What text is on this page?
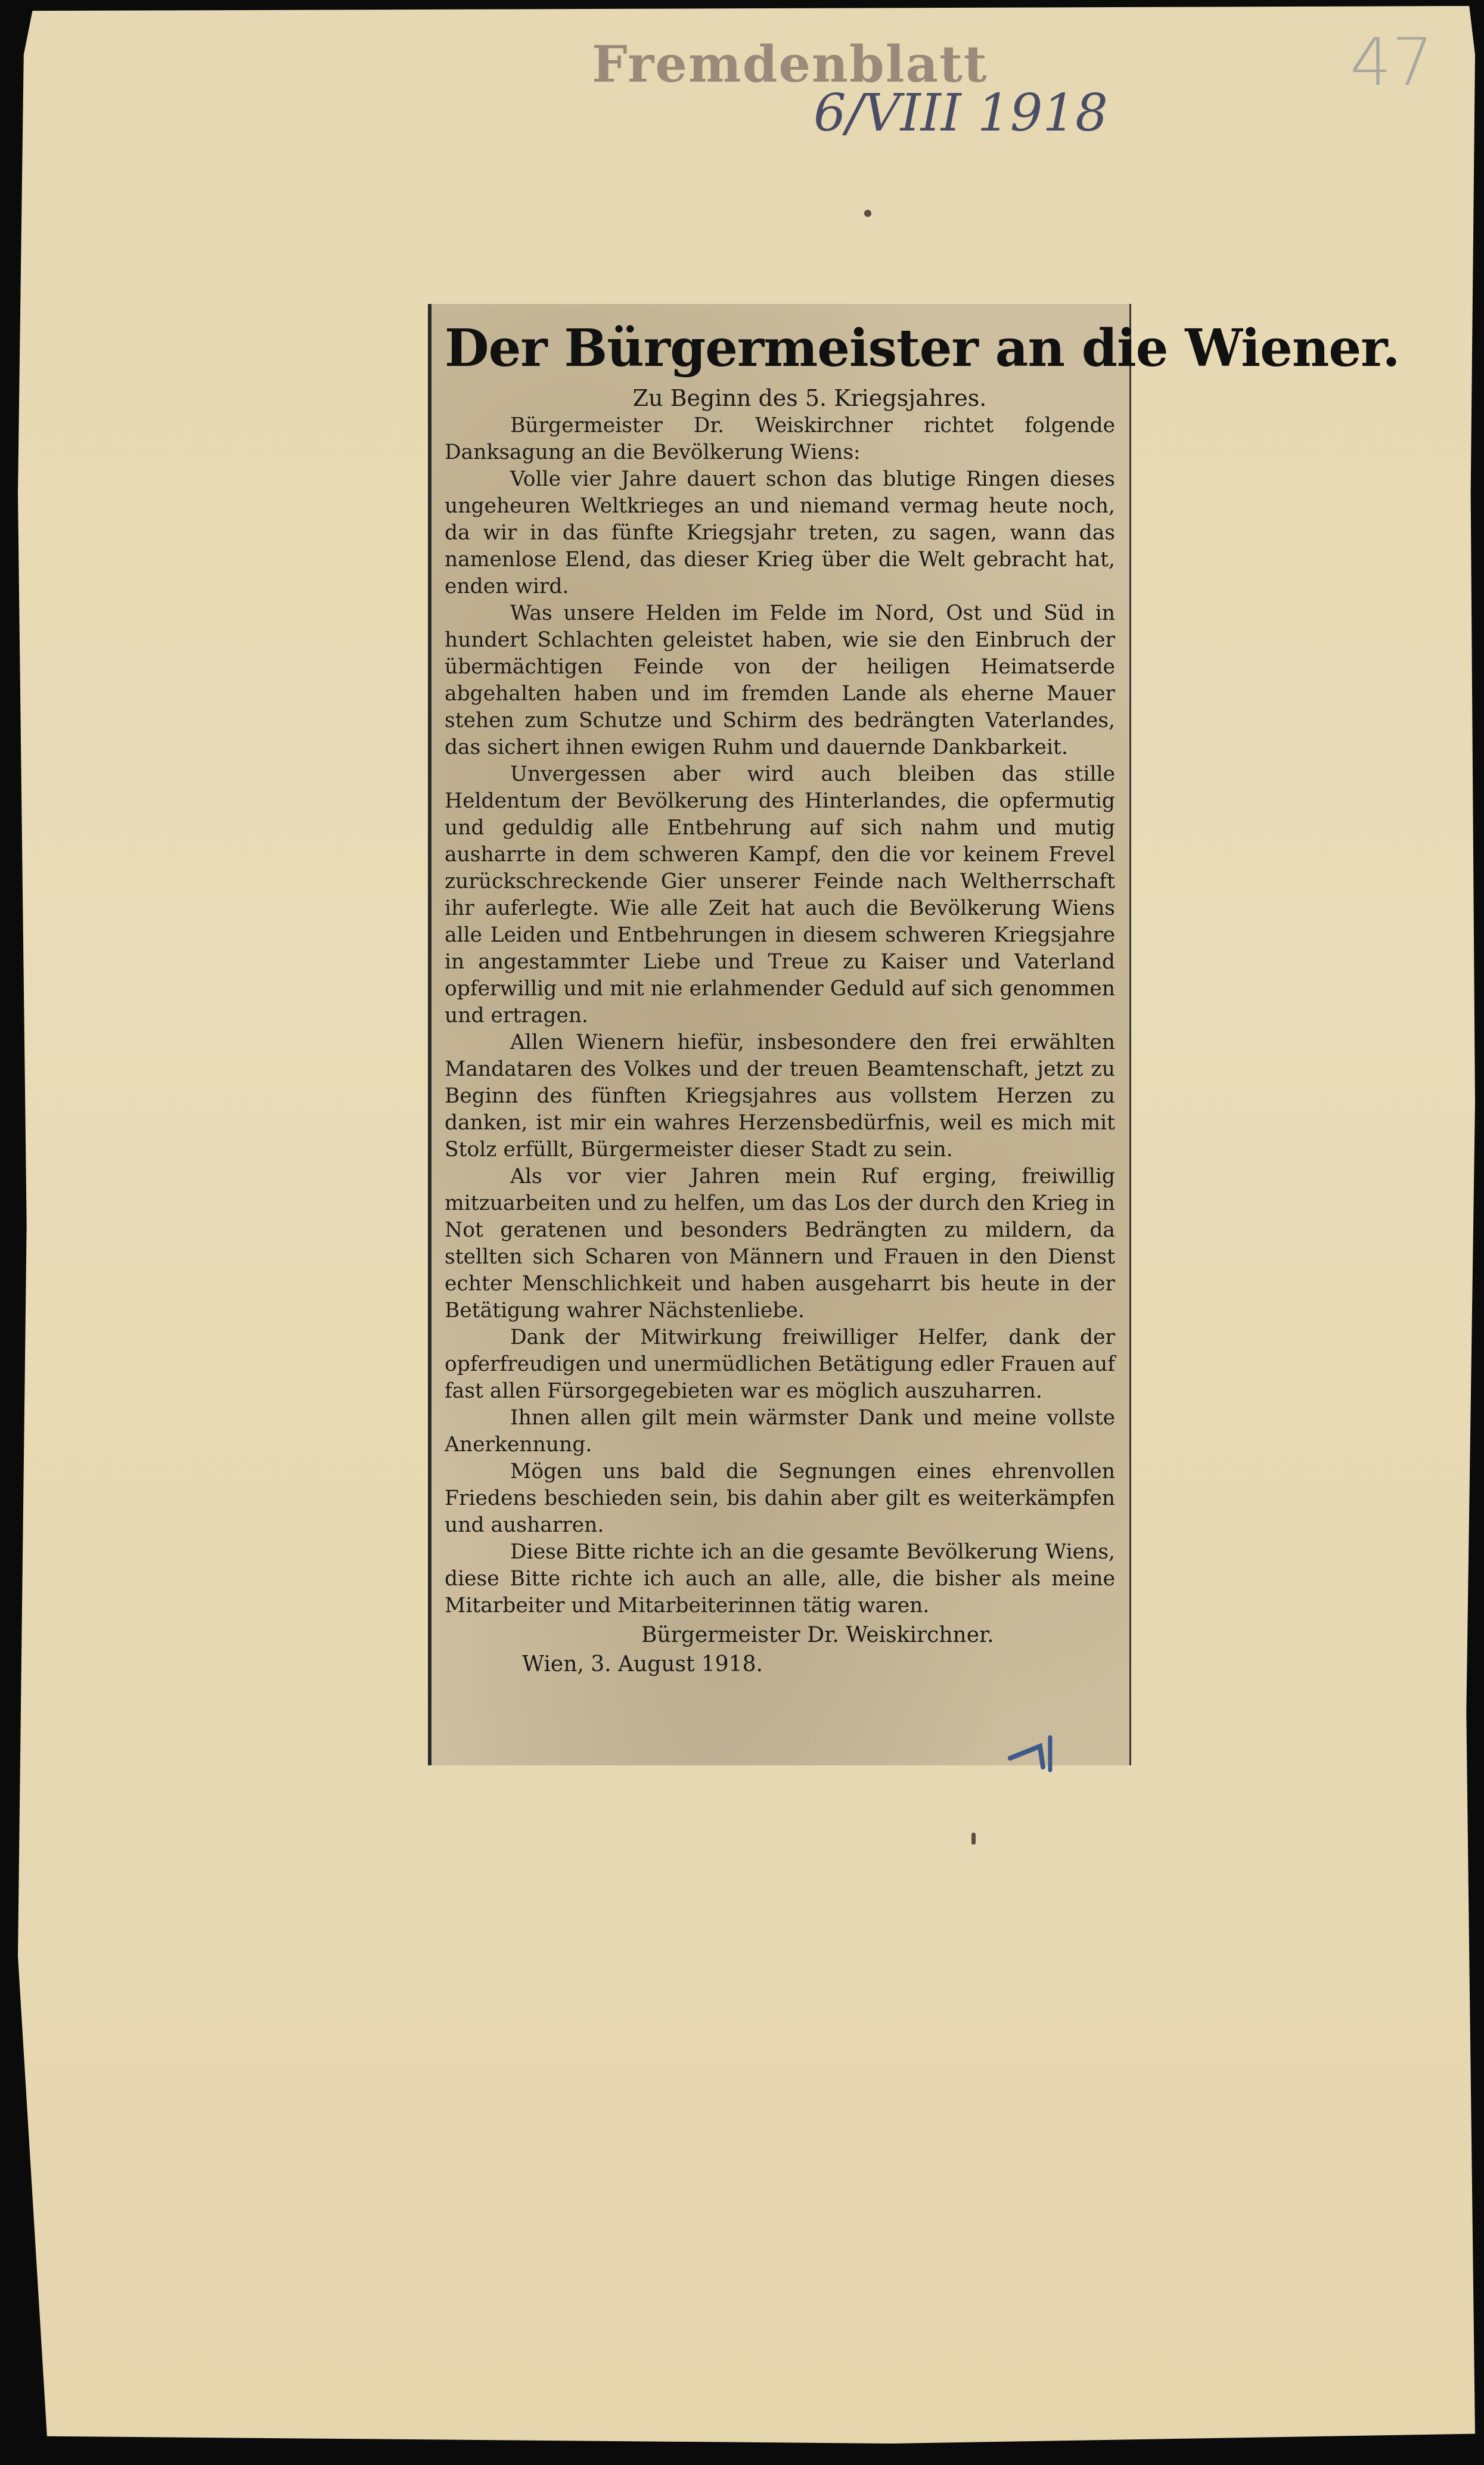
Fremdenblatt
6/VIII 1918
47
Der Bürgermeister an die Wiener.
Zu Beginn des 5. Kriegsjahres.

Bürgermeister Dr. Weiskirchner richtet folgende Danksagung an die Bevölkerung Wiens:

Volle vier Jahre dauert schon das blutige Ringen dieses ungeheuren Weltkrieges an und niemand vermag heute noch, da wir in das fünfte Kriegsjahr treten, zu sagen, wann das namenlose Elend, das dieser Krieg über die Welt gebracht hat, enden wird.

Was unsere Helden im Felde im Nord, Ost und Süd in hundert Schlachten geleistet haben, wie sie den Einbruch der übermächtigen Feinde von der heiligen Heimatserde abgehalten haben und im fremden Lande als eherne Mauer stehen zum Schutze und Schirm des bedrängten Vaterlandes, das sichert ihnen ewigen Ruhm und dauernde Dankbarkeit.

Unvergessen aber wird auch bleiben das stille Heldentum der Bevölkerung des Hinterlandes, die opfermutig und geduldig alle Entbehrung auf sich nahm und mutig ausharrte in dem schweren Kampf, den die vor keinem Frevel zurückschreckende Gier unserer Feinde nach Weltherrschaft ihr auferlegte. Wie alle Zeit hat auch die Bevölkerung Wiens alle Leiden und Entbehrungen in diesem schweren Kriegsjahre in angestammter Liebe und Treue zu Kaiser und Vaterland opferwillig und mit nie erlahmender Geduld auf sich genommen und ertragen.

Allen Wienern hiefür, insbesondere den frei erwählten Mandataren des Volkes und der treuen Beamtenschaft, jetzt zu Beginn des fünften Kriegsjahres aus vollstem Herzen zu danken, ist mir ein wahres Herzensbedürfnis, weil es mich mit Stolz erfüllt, Bürgermeister dieser Stadt zu sein.

Als vor vier Jahren mein Ruf erging, freiwillig mitzuarbeiten und zu helfen, um das Los der durch den Krieg in Not geratenen und besonders Bedrängten zu mildern, da stellten sich Scharen von Männern und Frauen in den Dienst echter Menschlichkeit und haben ausgeharrt bis heute in der Betätigung wahrer Nächstenliebe.

Dank der Mitwirkung freiwilliger Helfer, dank der opferfreudigen und unermüdlichen Betätigung edler Frauen auf fast allen Fürsorgegebieten war es möglich auszuharren.

Ihnen allen gilt mein wärmster Dank und meine vollste Anerkennung.

Mögen uns bald die Segnungen eines ehrenvollen Friedens beschieden sein, bis dahin aber gilt es weiterkämpfen und ausharren.

Diese Bitte richte ich an die gesamte Bevölkerung Wiens, diese Bitte richte ich auch an alle, alle, die bisher als meine Mitarbeiter und Mitarbeiterinnen tätig waren.

Bürgermeister Dr. Weiskirchner.
Wien, 3. August 1918.
